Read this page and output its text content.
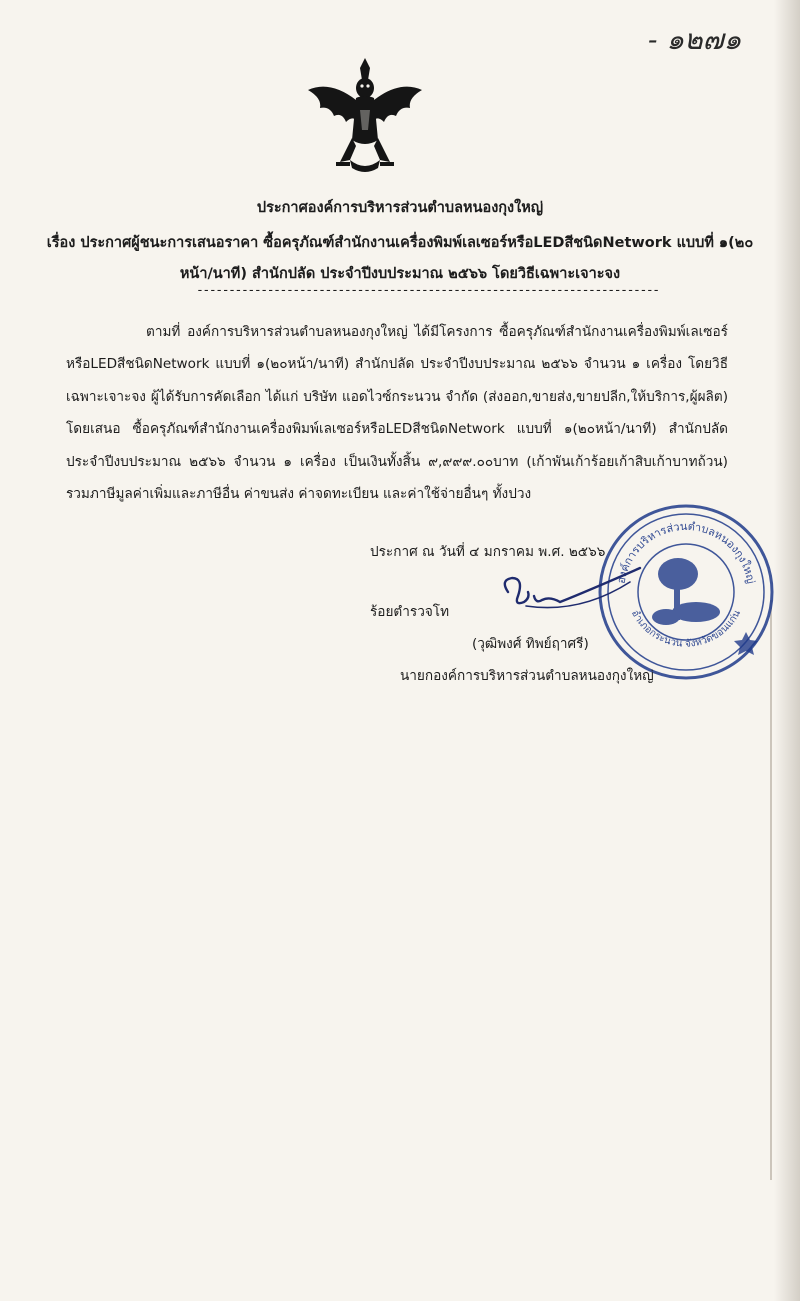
- ๑๒๗๑
ประกาศองค์การบริหารส่วนตำบลหนองกุงใหญ่
เรื่อง ประกาศผู้ชนะการเสนอราคา ซื้อครุภัณฑ์สำนักงานเครื่องพิมพ์เลเซอร์หรือLEDสีชนิดNetwork แบบที่ ๑(๒๐ หน้า/นาที) สำนักปลัด ประจำปีงบประมาณ ๒๕๖๖ โดยวิธีเฉพาะเจาะจง
------------------------------------------------------------------------
ตามที่ องค์การบริหารส่วนตำบลหนองกุงใหญ่ ได้มีโครงการ ซื้อครุภัณฑ์สำนักงานเครื่องพิมพ์เลเซอร์หรือLEDสีชนิดNetwork แบบที่ ๑(๒๐หน้า/นาที) สำนักปลัด ประจำปีงบประมาณ ๒๕๖๖ จำนวน ๑ เครื่อง โดยวิธีเฉพาะเจาะจง ผู้ได้รับการคัดเลือก ได้แก่ บริษัท แอดไวซ์กระนวน จำกัด (ส่งออก,ขายส่ง,ขายปลีก,ให้บริการ,ผู้ผลิต) โดยเสนอ ซื้อครุภัณฑ์สำนักงานเครื่องพิมพ์เลเซอร์หรือLEDสีชนิดNetwork แบบที่ ๑(๒๐หน้า/นาที) สำนักปลัด ประจำปีงบประมาณ ๒๕๖๖ จำนวน ๑ เครื่อง เป็นเงินทั้งสิ้น ๙,๙๙๙.๐๐บาท (เก้าพันเก้าร้อยเก้าสิบเก้าบาทถ้วน) รวมภาษีมูลค่าเพิ่มและภาษีอื่น ค่าขนส่ง ค่าจดทะเบียน และค่าใช้จ่ายอื่นๆ ทั้งปวง
ประกาศ ณ วันที่ ๔ มกราคม พ.ศ. ๒๕๖๖
องค์การบริหารส่วนตำบลหนองกุงใหญ่
อำเภอกระนวน จังหวัดขอนแก่น
ร้อยตำรวจโท
(วุฒิพงศ์ ทิพย์ฤาศรี)
นายกองค์การบริหารส่วนตำบลหนองกุงใหญ่
